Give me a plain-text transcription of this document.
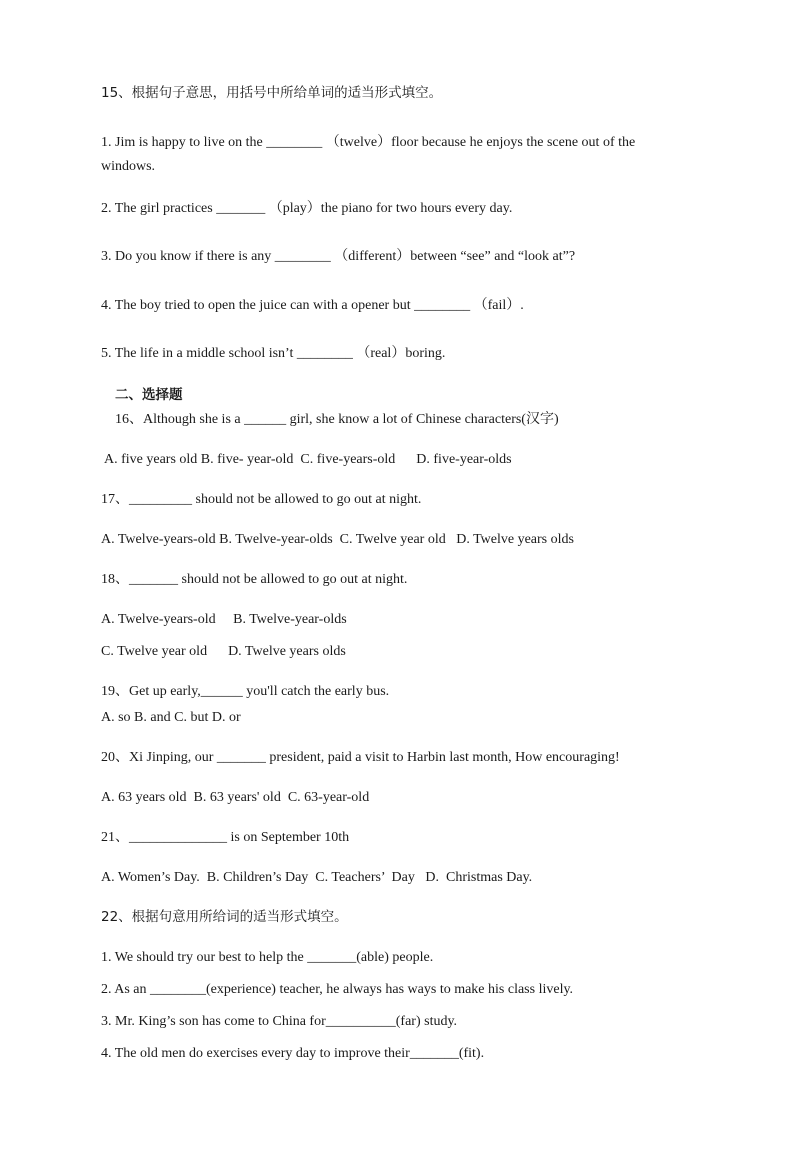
15、根据句子意思，用括号中所给单词的适当形式填空。
1. Jim is happy to live on the ________ （twelve）floor because he enjoys the scene out of the
windows.
2. The girl practices _______ （play）the piano for two hours every day.
3. Do you know if there is any ________ （different）between “see” and “look at”?
4. The boy tried to open the juice can with a opener but ________ （fail）.
5. The life in a middle school isn’t ________ （real）boring.
二、选择题
16、Although she is a ______ girl, she know a lot of Chinese characters(汉字)
A. five years old B. five- year-old  C. five-years-old      D. five-year-olds
17、_________ should not be allowed to go out at night.
A. Twelve-years-old B. Twelve-year-olds  C. Twelve year old   D. Twelve years olds
18、_______ should not be allowed to go out at night.
A. Twelve-years-old     B. Twelve-year-olds
C. Twelve year old      D. Twelve years olds
19、Get up early,______ you'll catch the early bus.
A. so B. and C. but D. or
20、Xi Jinping, our _______ president, paid a visit to Harbin last month, How encouraging!
A. 63 years old  B. 63 years' old  C. 63-year-old
21、______________ is on September 10th
A. Women’s Day.  B. Children’s Day  C. Teachers’  Day   D.  Christmas Day.
22、根据句意用所给词的适当形式填空。
1. We should try our best to help the _______(able) people.
2. As an ________(experience) teacher, he always has ways to make his class lively.
3. Mr. King’s son has come to China for__________(far) study.
4. The old men do exercises every day to improve their_______(fit).
